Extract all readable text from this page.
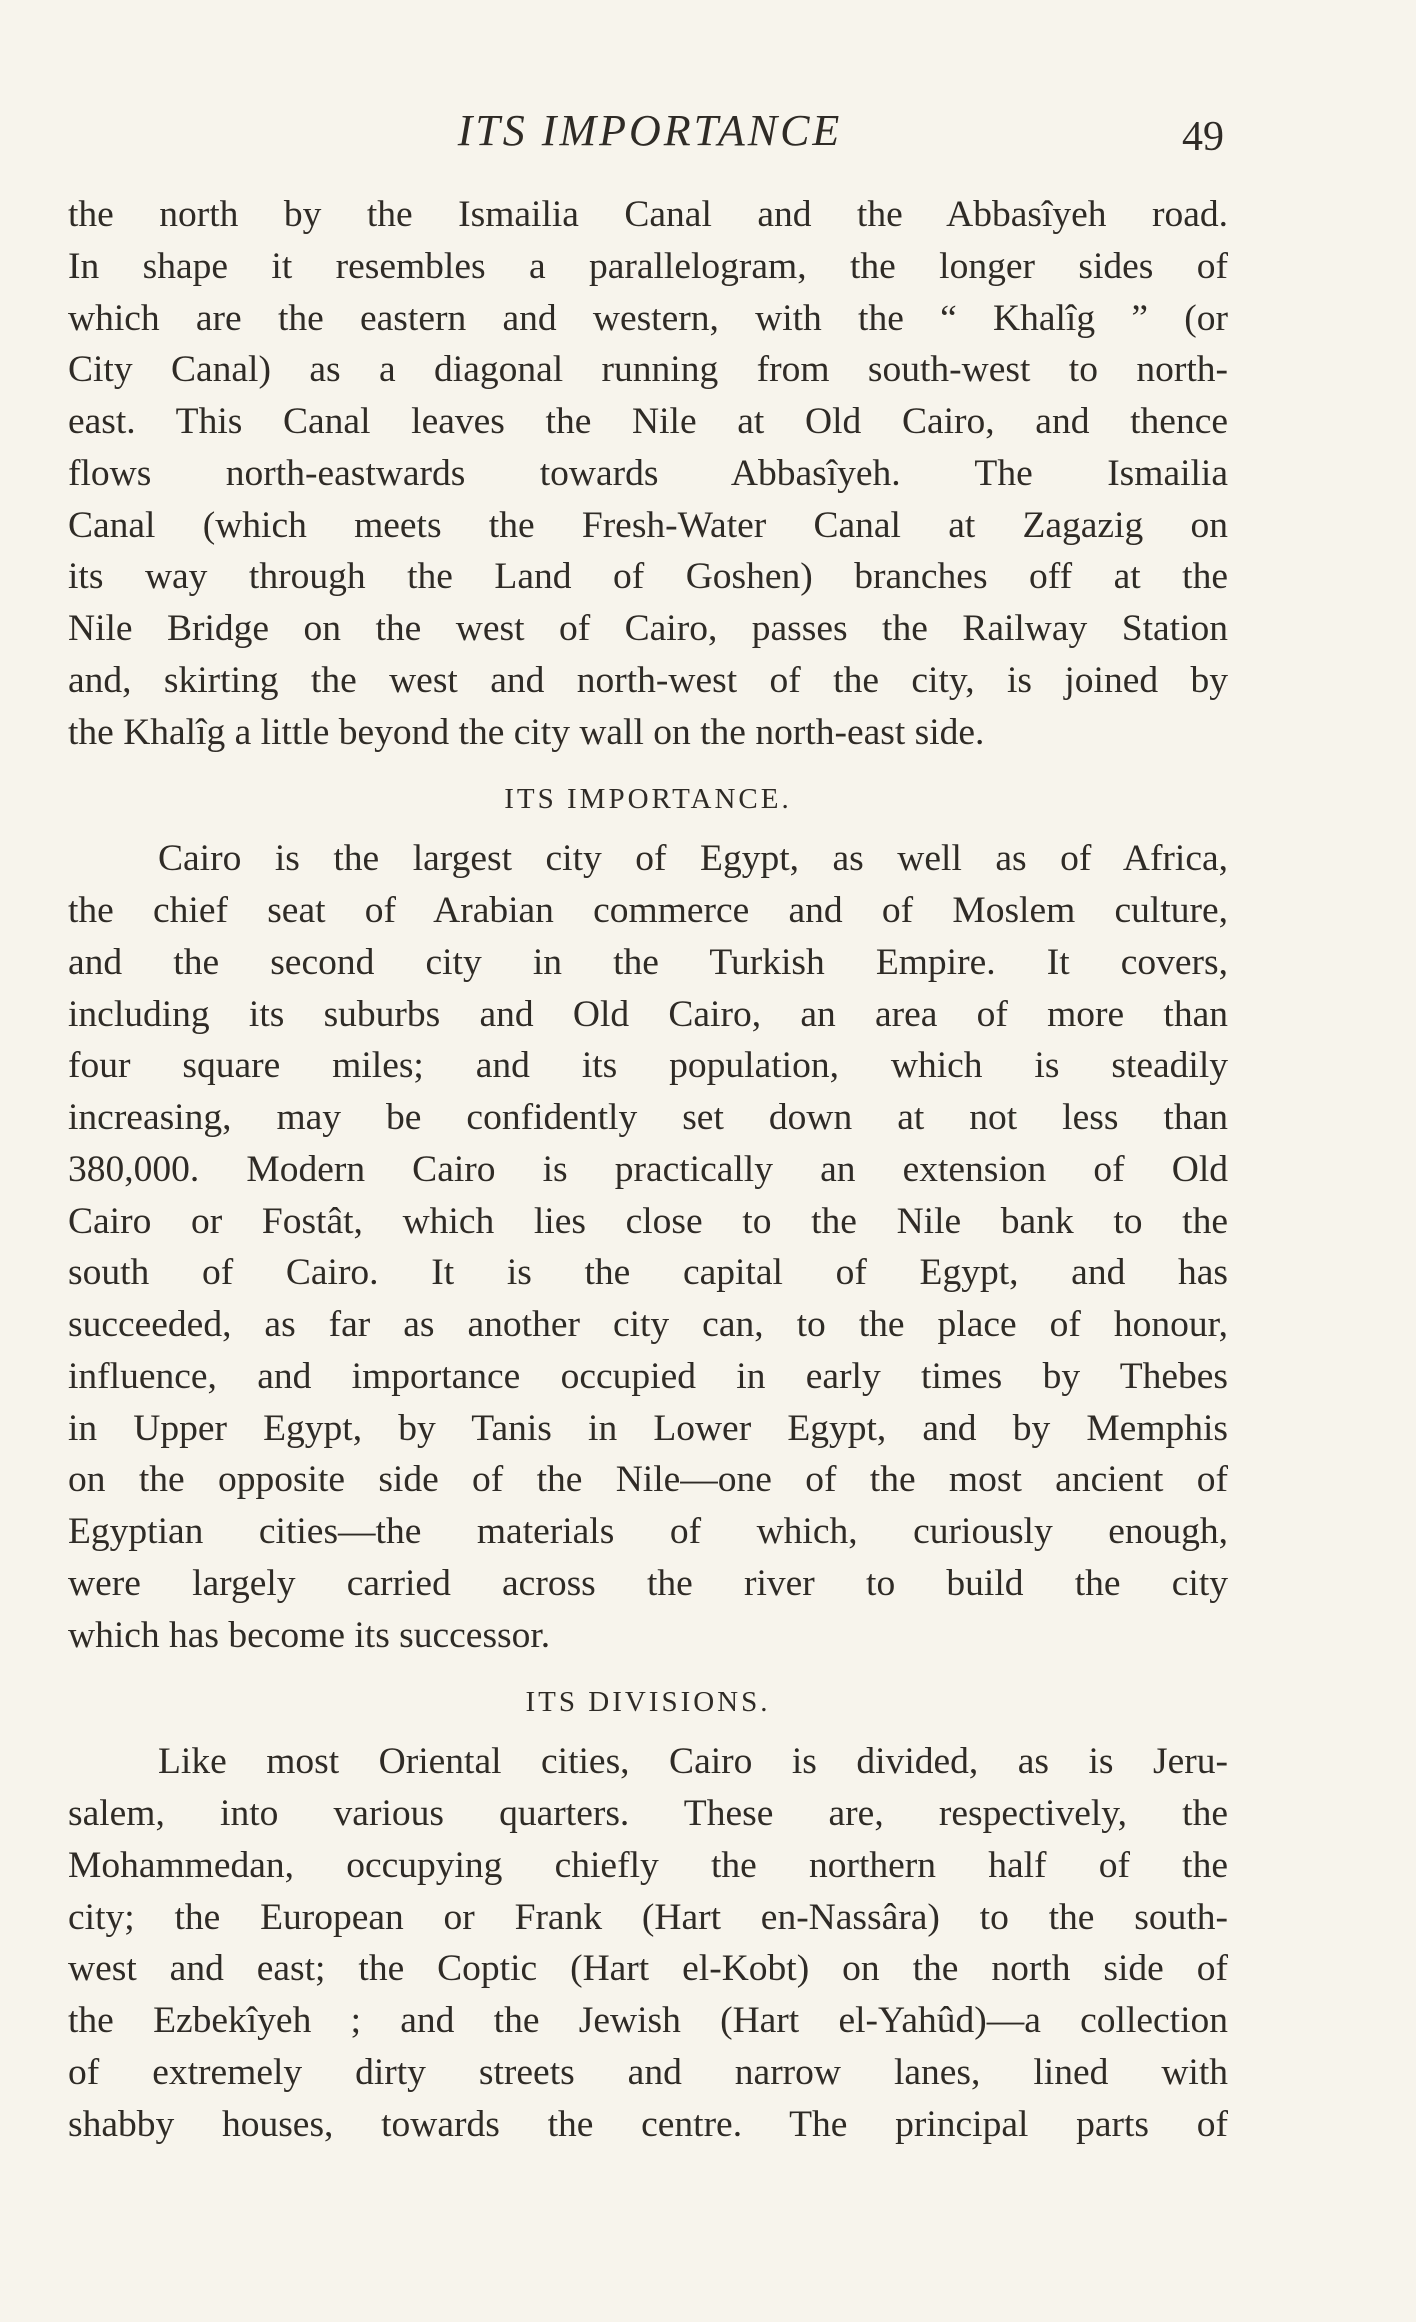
ITS IMPORTANCE	49
the north by the Ismailia Canal and the Abbasîyeh road.
In shape it resembles a parallelogram, the longer sides of
which are the eastern and western, with the “ Khalîg ” (or
City Canal) as a diagonal running from south-west to north-
east. This Canal leaves the Nile at Old Cairo, and thence
flows north-eastwards towards Abbasîyeh. The Ismailia
Canal (which meets the Fresh-Water Canal at Zagazig on
its way through the Land of Goshen) branches off at the
Nile Bridge on the west of Cairo, passes the Railway Station
and, skirting the west and north-west of the city, is joined by
the Khalîg a little beyond the city wall on the north-east side.
ITS IMPORTANCE.
Cairo is the largest city of Egypt, as well as of Africa,
the chief seat of Arabian commerce and of Moslem culture,
and the second city in the Turkish Empire. It covers,
including its suburbs and Old Cairo, an area of more than
four square miles; and its population, which is steadily
increasing, may be confidently set down at not less than
380,000. Modern Cairo is practically an extension of Old
Cairo or Fostât, which lies close to the Nile bank to the
south of Cairo. It is the capital of Egypt, and has
succeeded, as far as another city can, to the place of honour,
influence, and importance occupied in early times by Thebes
in Upper Egypt, by Tanis in Lower Egypt, and by Memphis
on the opposite side of the Nile—one of the most ancient of
Egyptian cities—the materials of which, curiously enough,
were largely carried across the river to build the city
which has become its successor.
ITS DIVISIONS.
Like most Oriental cities, Cairo is divided, as is Jeru-
salem, into various quarters. These are, respectively, the
Mohammedan, occupying chiefly the northern half of the
city; the European or Frank (Hart en-Nassâra) to the south-
west and east; the Coptic (Hart el-Kobt) on the north side of
the Ezbekîyeh ; and the Jewish (Hart el-Yahûd)—a collection
of extremely dirty streets and narrow lanes, lined with
shabby houses, towards the centre. The principal parts of
